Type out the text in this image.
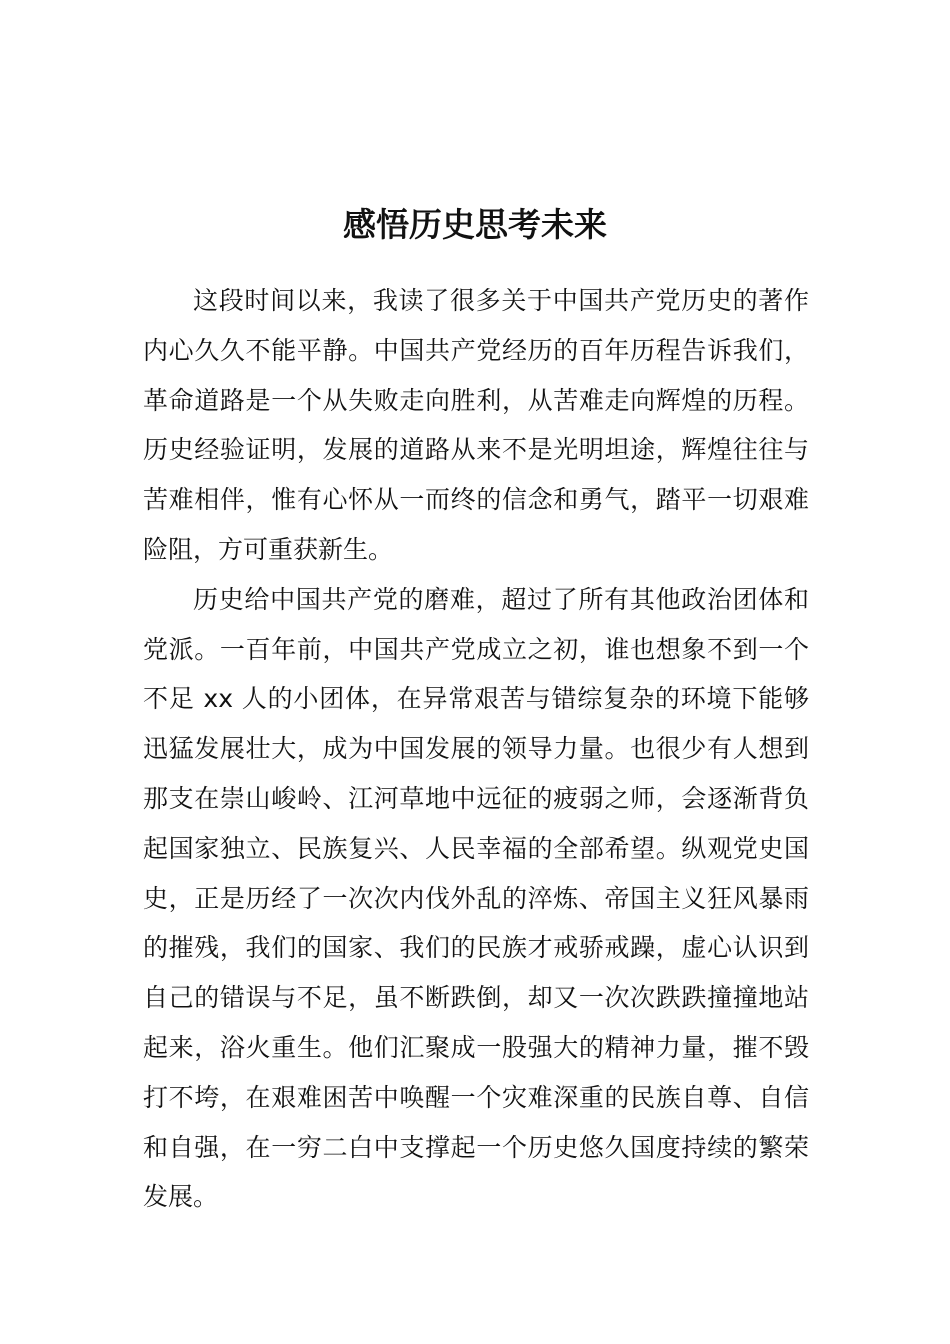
感悟历史思考未来

这段时间以来，我读了很多关于中国共产党历史的著作内心久久不能平静。中国共产党经历的百年历程告诉我们，革命道路是一个从失败走向胜利，从苦难走向辉煌的历程。历史经验证明，发展的道路从来不是光明坦途，辉煌往往与苦难相伴，惟有心怀从一而终的信念和勇气，踏平一切艰难险阻，方可重获新生。

历史给中国共产党的磨难，超过了所有其他政治团体和党派。一百年前，中国共产党成立之初，谁也想象不到一个不足 xx 人的小团体，在异常艰苦与错综复杂的环境下能够迅猛发展壮大，成为中国发展的领导力量。也很少有人想到那支在崇山峻岭、江河草地中远征的疲弱之师，会逐渐背负起国家独立、民族复兴、人民幸福的全部希望。纵观党史国史，正是历经了一次次内伐外乱的淬炼、帝国主义狂风暴雨的摧残，我们的国家、我们的民族才戒骄戒躁，虚心认识到自己的错误与不足，虽不断跌倒，却又一次次跌跌撞撞地站起来，浴火重生。他们汇聚成一股强大的精神力量，摧不毁打不垮，在艰难困苦中唤醒一个灾难深重的民族自尊、自信和自强，在一穷二白中支撑起一个历史悠久国度持续的繁荣发展。
